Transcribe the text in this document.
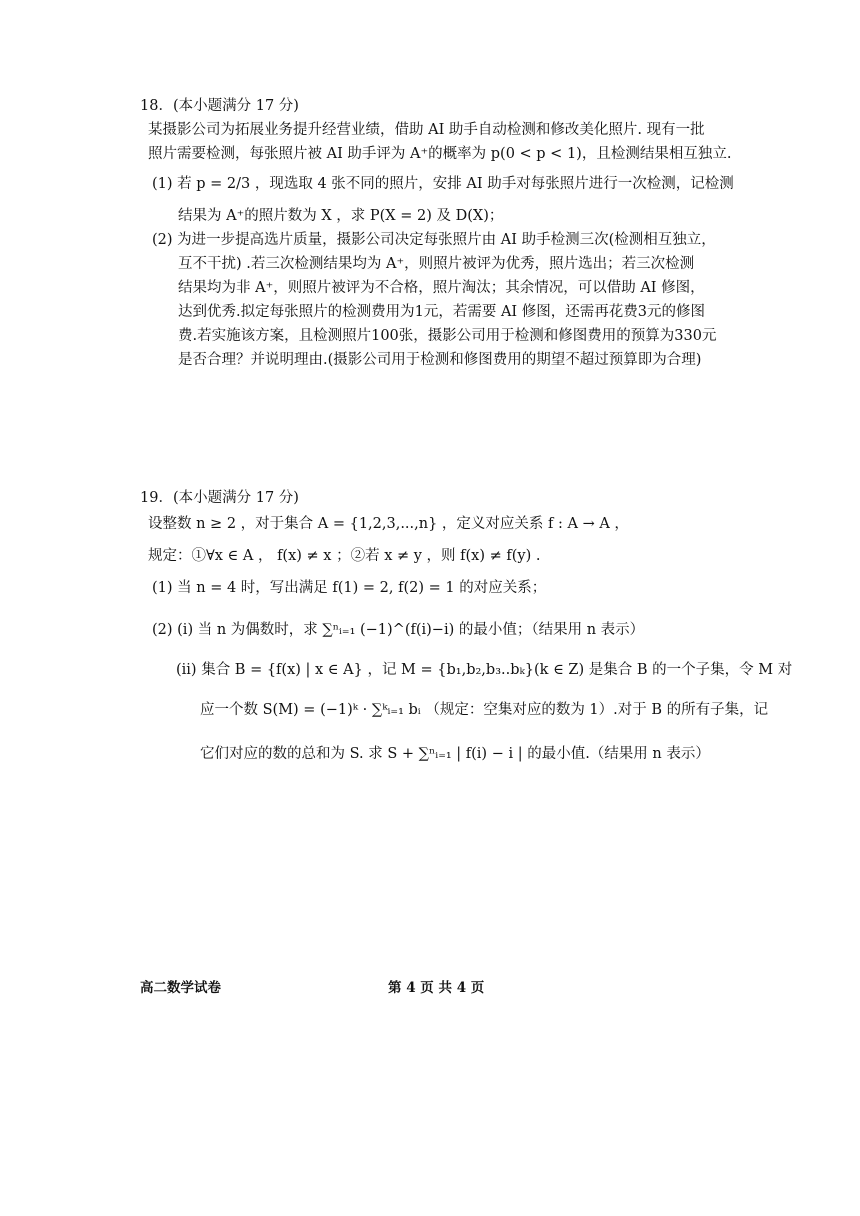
18．(本小题满分 17 分)
某摄影公司为拓展业务提升经营业绩，借助 AI 助手自动检测和修改美化照片. 现有一批
照片需要检测，每张照片被 AI 助手评为 A⁺的概率为 p(0 < p < 1)，且检测结果相互独立.
(1) 若 p = 2/3 ，现选取 4 张不同的照片，安排 AI 助手对每张照片进行一次检测，记检测
结果为 A⁺的照片数为 X ，求 P(X = 2) 及 D(X)；
(2) 为进一步提高选片质量，摄影公司决定每张照片由 AI 助手检测三次(检测相互独立，
互不干扰) .若三次检测结果均为 A⁺，则照片被评为优秀，照片选出；若三次检测
结果均为非 A⁺，则照片被评为不合格，照片淘汰；其余情况，可以借助 AI 修图，
达到优秀.拟定每张照片的检测费用为1元，若需要 AI 修图，还需再花费3元的修图
费.若实施该方案，且检测照片100张，摄影公司用于检测和修图费用的预算为330元
是否合理？并说明理由.(摄影公司用于检测和修图费用的期望不超过预算即为合理)
19．(本小题满分 17 分)
设整数 n ≥ 2 ，对于集合 A = {1,2,3,...,n} ，定义对应关系 f : A → A ，
规定：①∀x ∈ A ， f(x) ≠ x ；②若 x ≠ y ，则 f(x) ≠ f(y) .
(1) 当 n = 4 时，写出满足 f(1) = 2, f(2) = 1 的对应关系；
(2) (i) 当 n 为偶数时，求 ∑ⁿᵢ₌₁ (−1)^(f(i)−i) 的最小值；（结果用 n 表示）
(ii) 集合 B = {f(x) | x ∈ A} ，记 M = {b₁,b₂,b₃..bₖ}(k ∈ Z) 是集合 B 的一个子集，令 M 对
应一个数 S(M) = (−1)ᵏ · ∑ᵏᵢ₌₁ bᵢ （规定：空集对应的数为 1）.对于 B 的所有子集，记
它们对应的数的总和为 S. 求 S + ∑ⁿᵢ₌₁ | f(i) − i | 的最小值.（结果用 n 表示）
高二数学试卷	第 4 页 共 4 页
